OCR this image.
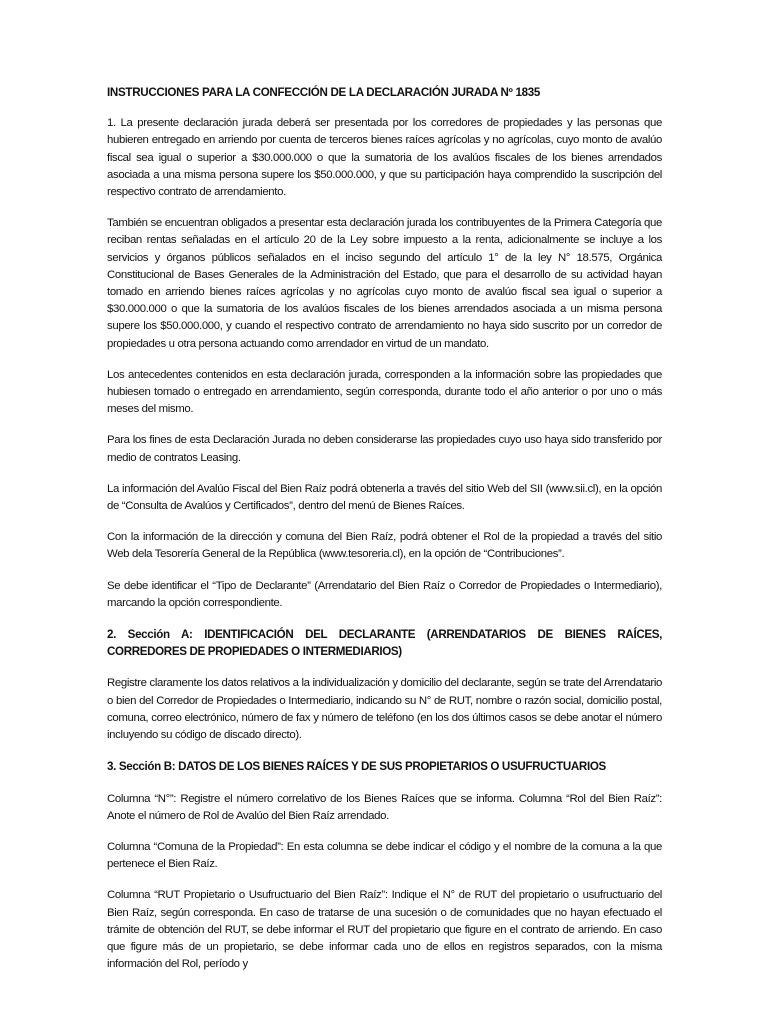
INSTRUCCIONES PARA LA CONFECCIÓN DE LA DECLARACIÓN JURADA Nº 1835

1. La presente declaración jurada deberá ser presentada por los corredores de propiedades y las personas que hubieren entregado en arriendo por cuenta de terceros bienes raíces agrícolas y no agrícolas, cuyo monto de avalúo fiscal sea igual o superior a $30.000.000 o que la sumatoria de los avalúos fiscales de los bienes arrendados asociada a una misma persona supere los $50.000.000, y que su participación haya comprendido la suscripción del respectivo contrato de arrendamiento.

También se encuentran obligados a presentar esta declaración jurada los contribuyentes de la Primera Categoría que reciban rentas señaladas en el artículo 20 de la Ley sobre impuesto a la renta, adicionalmente se incluye a los servicios y órganos públicos señalados en el inciso segundo del artículo 1° de la ley N° 18.575, Orgánica Constitucional de Bases Generales de la Administración del Estado, que para el desarrollo de su actividad hayan tomado en arriendo bienes raíces agrícolas y no agrícolas cuyo monto de avalúo fiscal sea igual o superior a $30.000.000 o que la sumatoria de los avalúos fiscales de los bienes arrendados asociada a un misma persona supere los $50.000.000, y cuando el respectivo contrato de arrendamiento no haya sido suscrito por un corredor de propiedades u otra persona actuando como arrendador en virtud de un mandato.

Los antecedentes contenidos en esta declaración jurada, corresponden a la información sobre las propiedades que hubiesen tomado o entregado en arrendamiento, según corresponda, durante todo el año anterior o por uno o más meses del mismo.

Para los fines de esta Declaración Jurada no deben considerarse las propiedades cuyo uso haya sido transferido por medio de contratos Leasing.

La información del Avalúo Fiscal del Bien Raíz podrá obtenerla a través del sitio Web del SII (www.sii.cl), en la opción de “Consulta de Avalúos y Certificados”, dentro del menú de Bienes Raíces.

Con la información de la dirección y comuna del Bien Raíz, podrá obtener el Rol de la propiedad a través del sitio Web dela Tesorería General de la República (www.tesoreria.cl), en la opción de “Contribuciones”.

Se debe identificar el “Tipo de Declarante” (Arrendatario del Bien Raíz o Corredor de Propiedades o Intermediario), marcando la opción correspondiente.

2. Sección A: IDENTIFICACIÓN DEL DECLARANTE (ARRENDATARIOS DE BIENES RAÍCES, CORREDORES DE PROPIEDADES O INTERMEDIARIOS)

Registre claramente los datos relativos a la individualización y domicilio del declarante, según se trate del Arrendatario o bien del Corredor de Propiedades o Intermediario, indicando su N° de RUT, nombre o razón social, domicilio postal, comuna, correo electrónico, número de fax y número de teléfono (en los dos últimos casos se debe anotar el número incluyendo su código de discado directo).

3. Sección B: DATOS DE LOS BIENES RAÍCES Y DE SUS PROPIETARIOS O USUFRUCTUARIOS

Columna “N°”: Registre el número correlativo de los Bienes Raíces que se informa. Columna “Rol del Bien Raíz”: Anote el número de Rol de Avalúo del Bien Raíz arrendado.

Columna “Comuna de la Propiedad”: En esta columna se debe indicar el código y el nombre de la comuna a la que pertenece el Bien Raíz.

Columna “RUT Propietario o Usufructuario del Bien Raíz”: Indique el N° de RUT del propietario o usufructuario del Bien Raíz, según corresponda. En caso de tratarse de una sucesión o de comunidades que no hayan efectuado el trámite de obtención del RUT, se debe informar el RUT del propietario que figure en el contrato de arriendo. En caso que figure más de un propietario, se debe informar cada uno de ellos en registros separados, con la misma información del Rol, período y
